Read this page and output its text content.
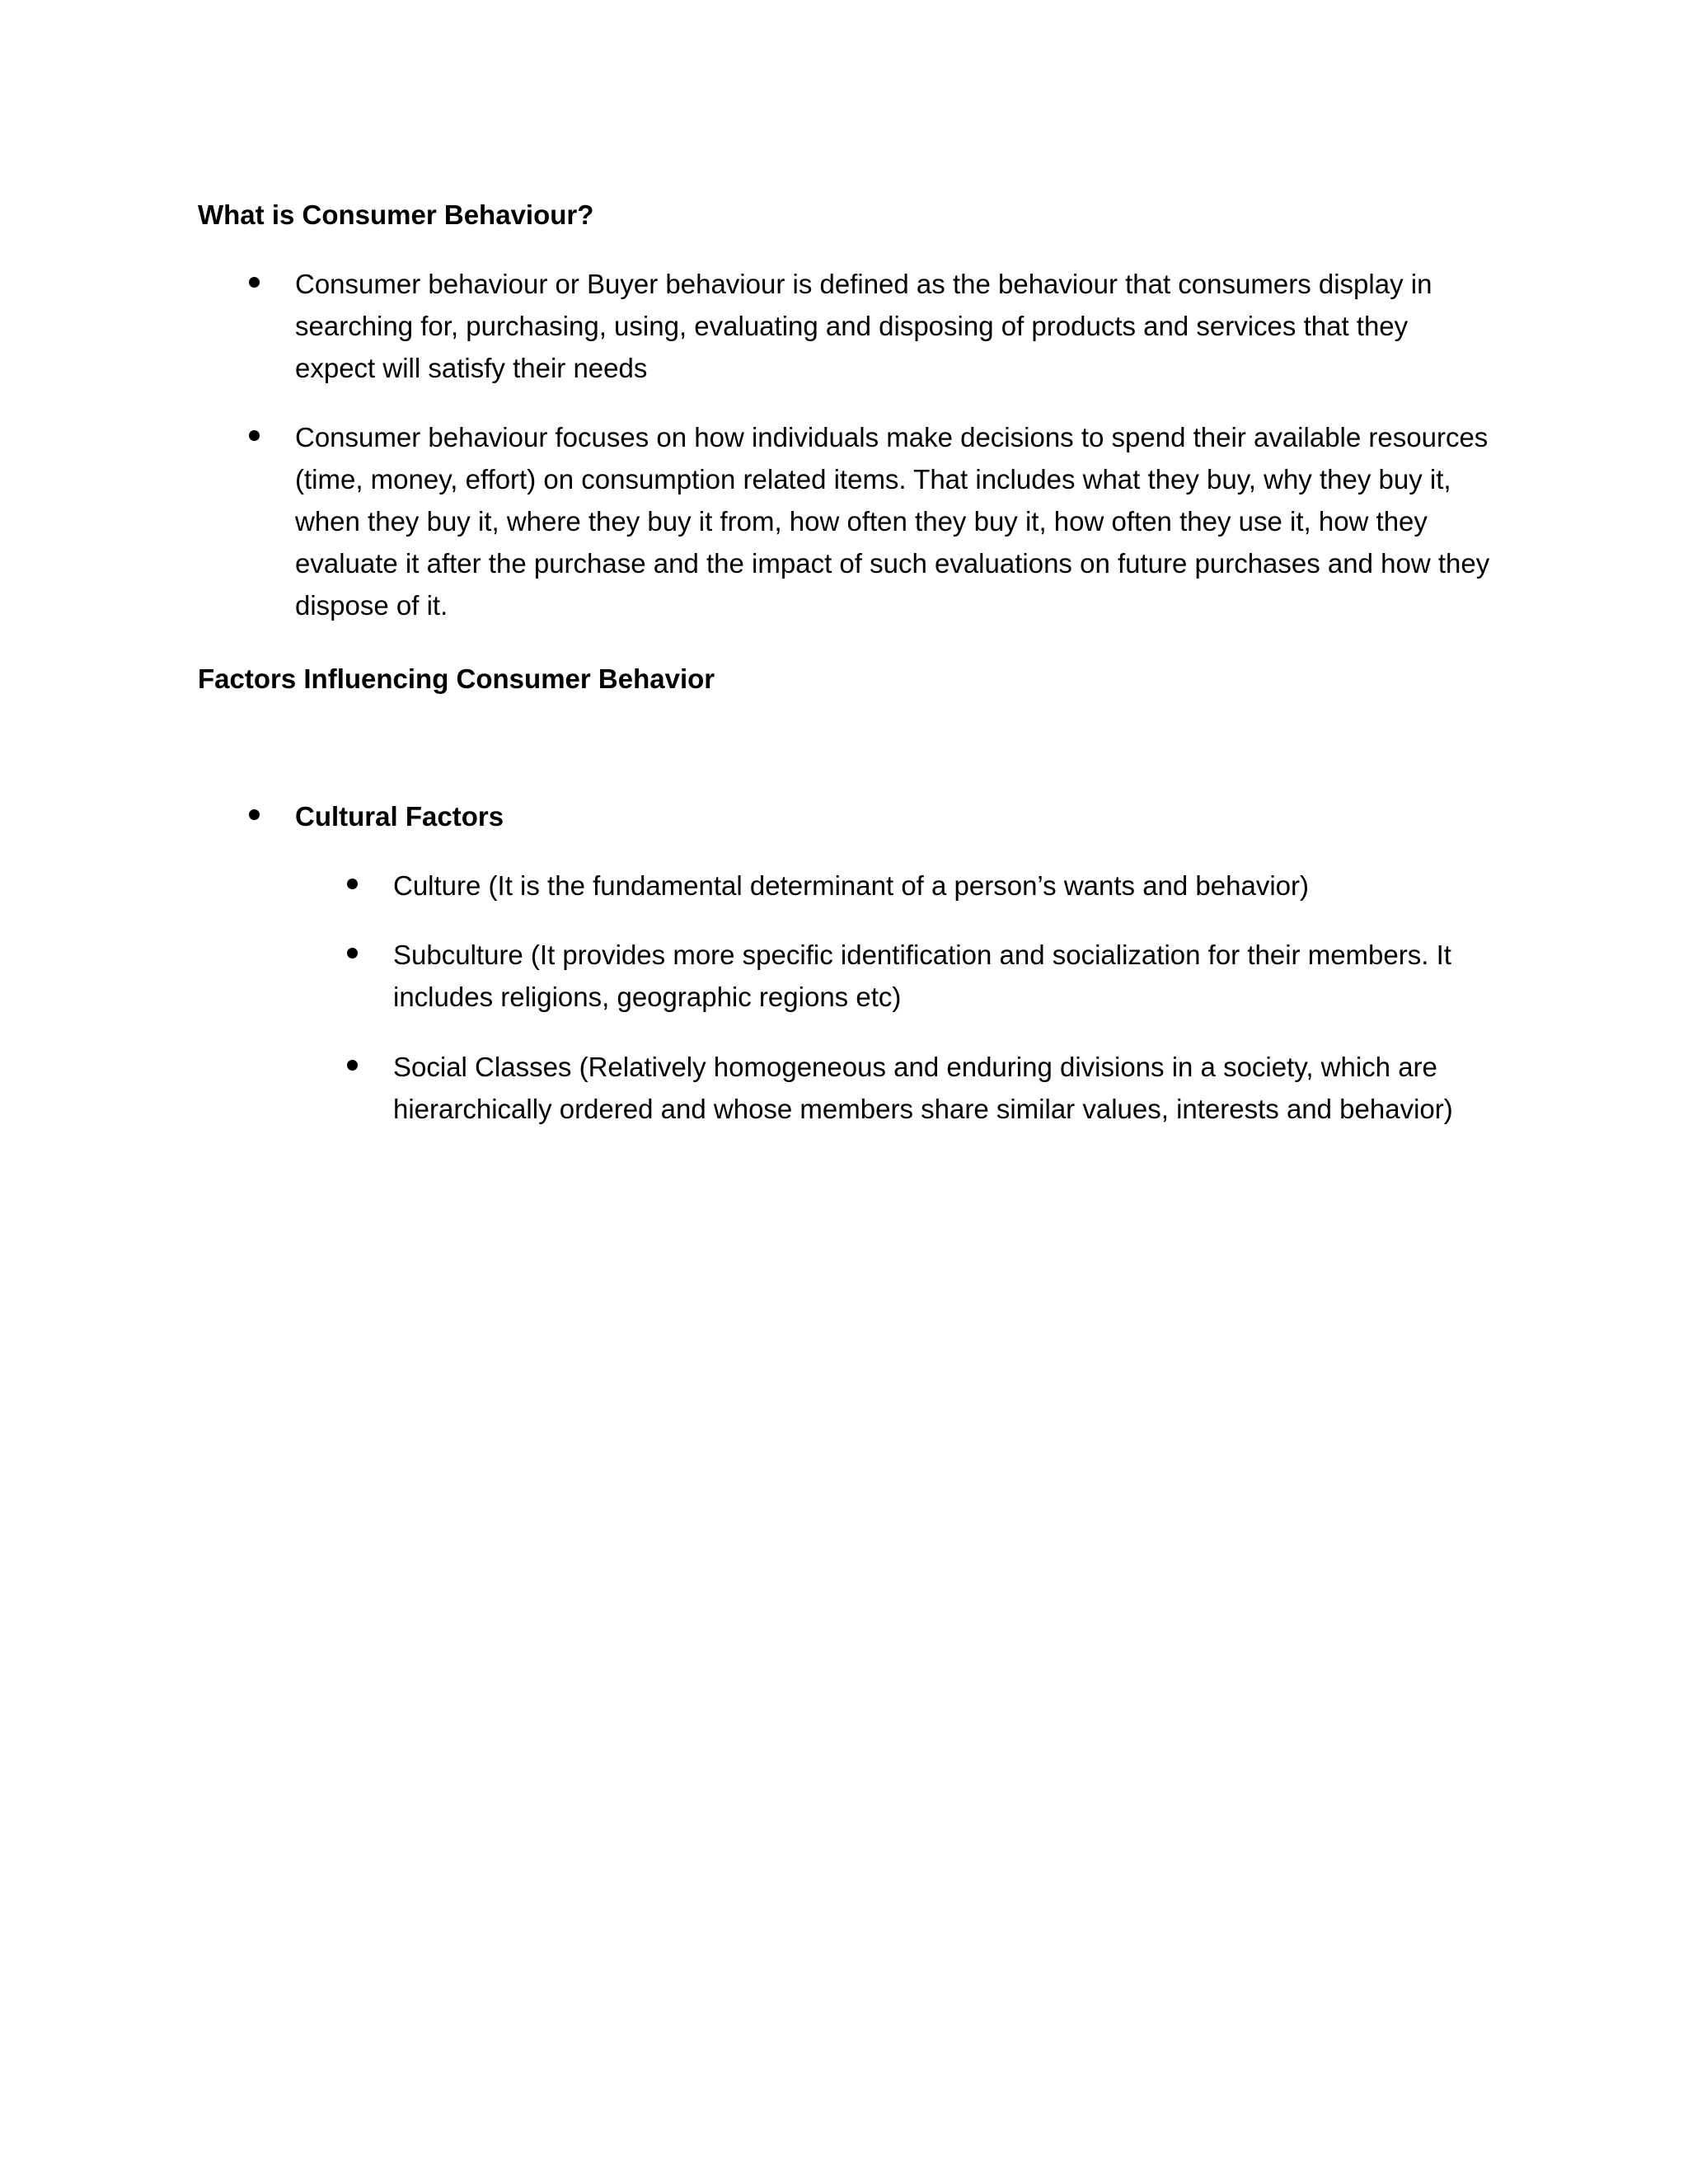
What is Consumer Behaviour?

Consumer behaviour or Buyer behaviour is defined as the behaviour that consumers display in searching for, purchasing, using, evaluating and disposing of products and services that they expect will satisfy their needs

Consumer behaviour focuses on how individuals make decisions to spend their available resources (time, money, effort) on consumption related items. That includes what they buy, why they buy it, when they buy it, where they buy it from, how often they buy it, how often they use it, how they evaluate it after the purchase and the impact of such evaluations on future purchases and how they dispose of it.

Factors Influencing Consumer Behavior

Cultural Factors

Culture (It is the fundamental determinant of a person’s wants and behavior)

Subculture (It provides more specific identification and socialization for their members. It includes religions, geographic regions etc)

Social Classes (Relatively homogeneous and enduring divisions in a society, which are hierarchically ordered and whose members share similar values, interests and behavior)
